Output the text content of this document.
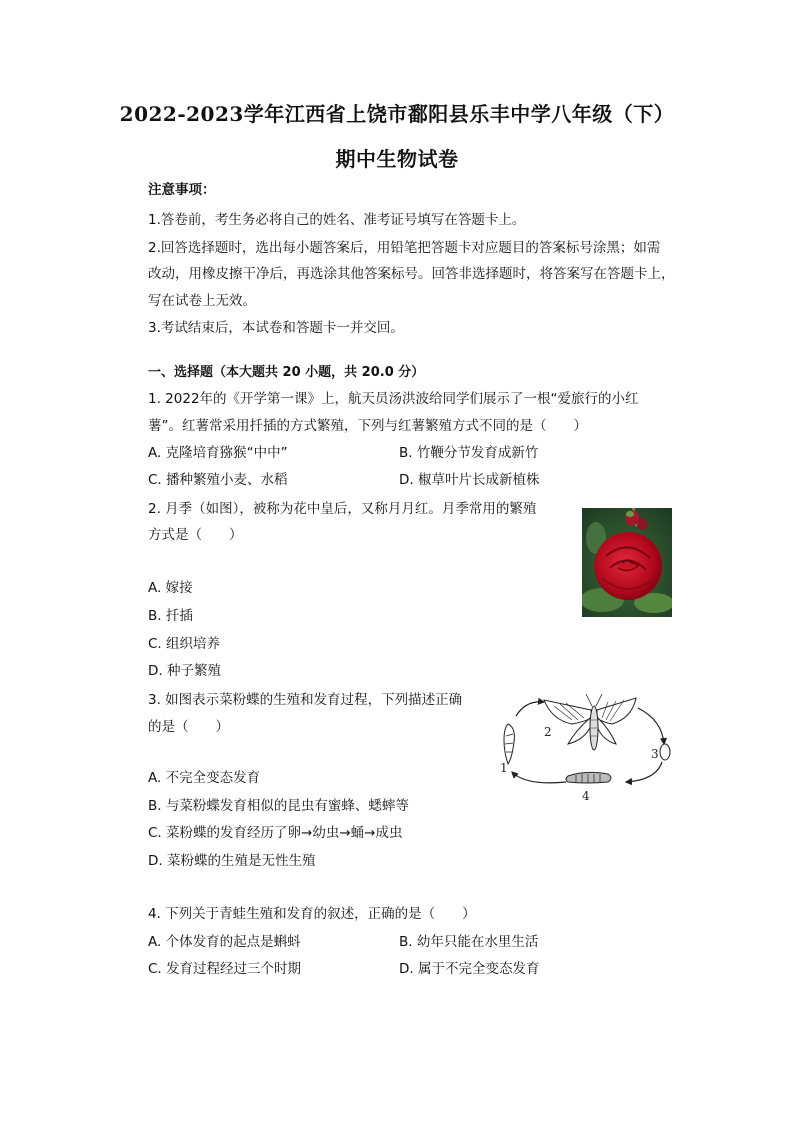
2022-2023学年江西省上饶市鄱阳县乐丰中学八年级（下）
期中生物试卷
注意事项：
1.答卷前，考生务必将自己的姓名、准考证号填写在答题卡上。
2.回答选择题时，选出每小题答案后，用铅笔把答题卡对应题目的答案标号涂黑；如需
改动，用橡皮擦干净后，再选涂其他答案标号。回答非选择题时，将答案写在答题卡上，
写在试卷上无效。
3.考试结束后，本试卷和答题卡一并交回。
一、选择题（本大题共 20 小题，共 20.0 分）
1. 2022年的《开学第一课》上，航天员汤洪波给同学们展示了一根“爱旅行的小红
薯”。红薯常采用扦插的方式繁殖，下列与红薯繁殖方式不同的是（　　）
A. 克隆培育猕猴“中中”	B. 竹鞭分节发育成新竹
C. 播种繁殖小麦、水稻	D. 椒草叶片长成新植株
2. 月季（如图），被称为花中皇后，又称月月红。月季常用的繁殖
方式是（　　）
A. 嫁接
B. 扦插
C. 组织培养
D. 种子繁殖
3. 如图表示菜粉蝶的生殖和发育过程，下列描述正确
的是（　　）
A. 不完全变态发育
B. 与菜粉蝶发育相似的昆虫有蜜蜂、蟋蟀等
C. 菜粉蝶的发育经历了卵→幼虫→蛹→成虫
D. 菜粉蝶的生殖是无性生殖
1
2
3
4
4. 下列关于青蛙生殖和发育的叙述，正确的是（　　）
A. 个体发育的起点是蝌蚪	B. 幼年只能在水里生活
C. 发育过程经过三个时期	D. 属于不完全变态发育
